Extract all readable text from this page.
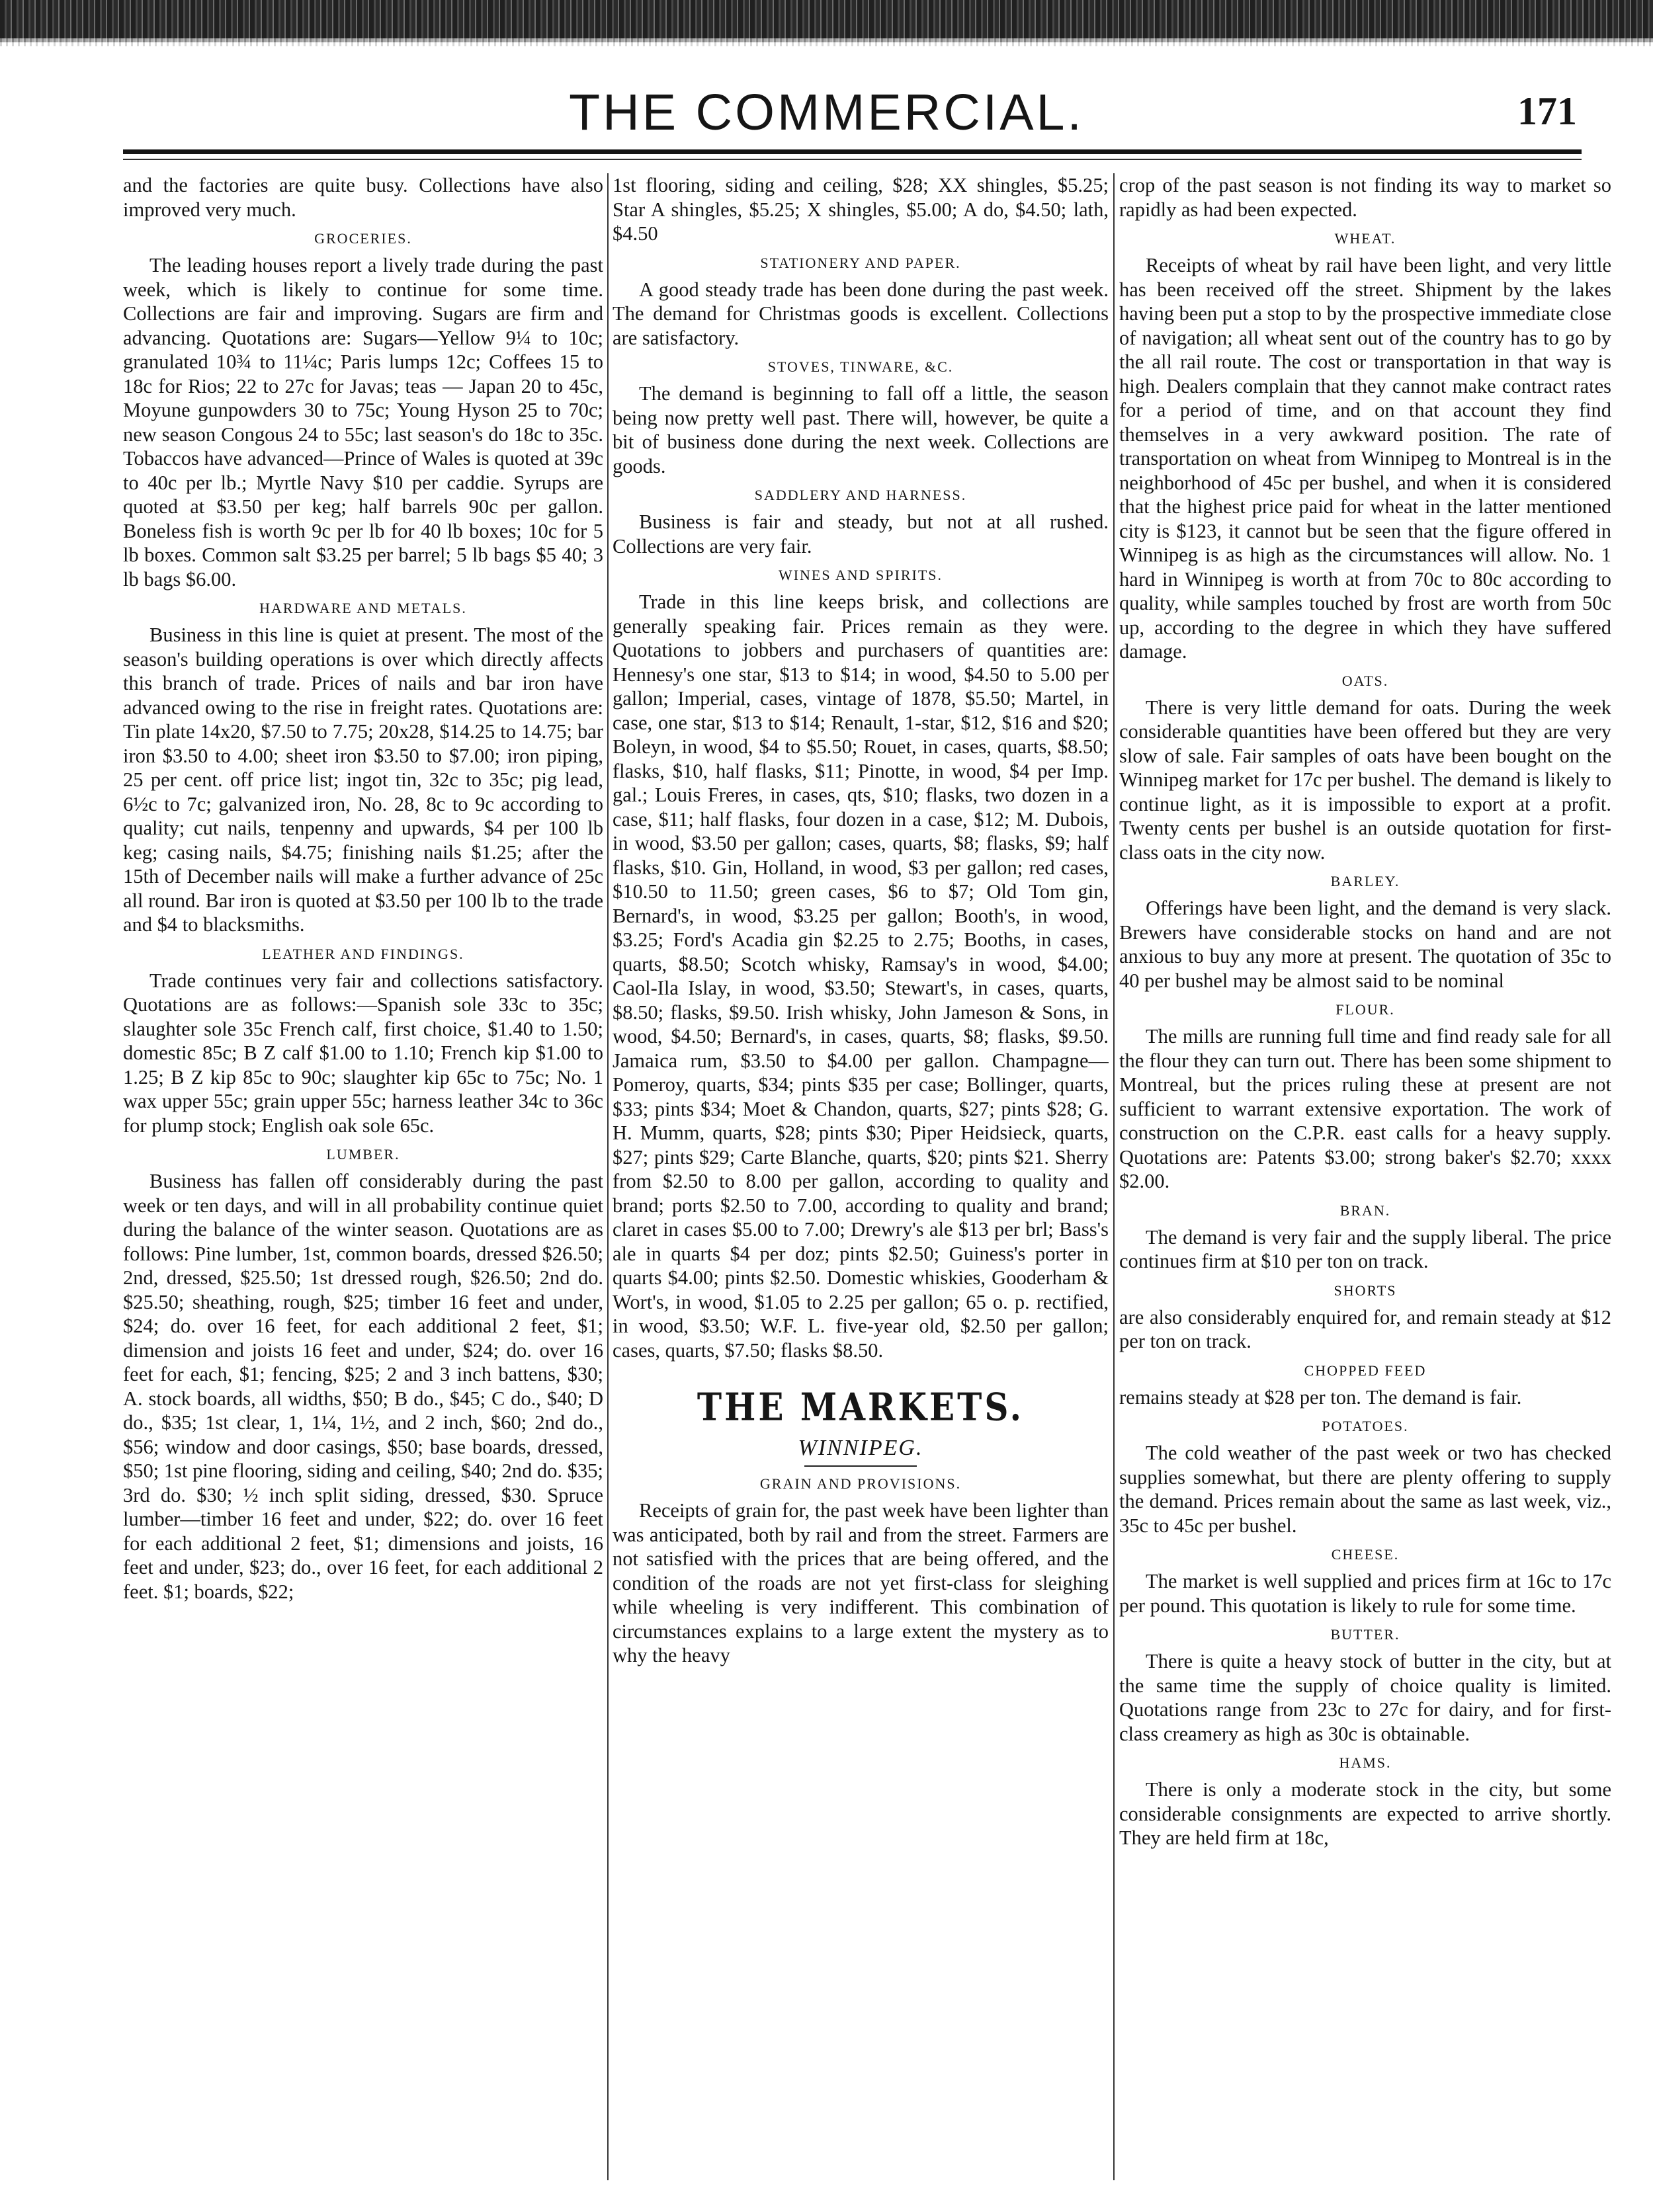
THE COMMERCIAL.	171

and the factories are quite busy. Collections have also improved very much.

GROCERIES.

The leading houses report a lively trade during the past week, which is likely to continue for some time. Collections are fair and improving. Sugars are firm and advancing. Quotations are: Sugars—Yellow 9¼ to 10c; granulated 10¾ to 11¼c; Paris lumps 12c; Coffees 15 to 18c for Rios; 22 to 27c for Javas; teas — Japan 20 to 45c, Moyune gunpowders 30 to 75c; Young Hyson 25 to 70c; new season Congous 24 to 55c; last season's do 18c to 35c. Tobaccos have advanced—Prince of Wales is quoted at 39c to 40c per lb.; Myrtle Navy $10 per caddie. Syrups are quoted at $3.50 per keg; half barrels 90c per gallon. Boneless fish is worth 9c per lb for 40 lb boxes; 10c for 5 lb boxes. Common salt $3.25 per barrel; 5 lb bags $5 40; 3 lb bags $6.00.

HARDWARE AND METALS.

Business in this line is quiet at present. The most of the season's building operations is over which directly affects this branch of trade. Prices of nails and bar iron have advanced owing to the rise in freight rates. Quotations are: Tin plate 14x20, $7.50 to 7.75; 20x28, $14.25 to 14.75; bar iron $3.50 to 4.00; sheet iron $3.50 to $7.00; iron piping, 25 per cent. off price list; ingot tin, 32c to 35c; pig lead, 6½c to 7c; galvanized iron, No. 28, 8c to 9c according to quality; cut nails, tenpenny and upwards, $4 per 100 lb keg; casing nails, $4.75; finishing nails $1.25; after the 15th of December nails will make a further advance of 25c all round. Bar iron is quoted at $3.50 per 100 lb to the trade and $4 to blacksmiths.

LEATHER AND FINDINGS.

Trade continues very fair and collections satisfactory. Quotations are as follows:—Spanish sole 33c to 35c; slaughter sole 35c French calf, first choice, $1.40 to 1.50; domestic 85c; B Z calf $1.00 to 1.10; French kip $1.00 to 1.25; B Z kip 85c to 90c; slaughter kip 65c to 75c; No. 1 wax upper 55c; grain upper 55c; harness leather 34c to 36c for plump stock; English oak sole 65c.

LUMBER.

Business has fallen off considerably during the past week or ten days, and will in all probability continue quiet during the balance of the winter season. Quotations are as follows: Pine lumber, 1st, common boards, dressed $26.50; 2nd, dressed, $25.50; 1st dressed rough, $26.50; 2nd do. $25.50; sheathing, rough, $25; timber 16 feet and under, $24; do. over 16 feet, for each additional 2 feet, $1; dimension and joists 16 feet and under, $24; do. over 16 feet for each, $1; fencing, $25; 2 and 3 inch battens, $30; A. stock boards, all widths, $50; B do., $45; C do., $40; D do., $35; 1st clear, 1, 1¼, 1½, and 2 inch, $60; 2nd do., $56; window and door casings, $50; base boards, dressed, $50; 1st pine flooring, siding and ceiling, $40; 2nd do. $35; 3rd do. $30; ½ inch split siding, dressed, $30. Spruce lumber—timber 16 feet and under, $22; do. over 16 feet for each additional 2 feet, $1; dimensions and joists, 16 feet and under, $23; do., over 16 feet, for each additional 2 feet. $1; boards, $22;

1st flooring, siding and ceiling, $28; XX shingles, $5.25; Star A shingles, $5.25; X shingles, $5.00; A do, $4.50; lath, $4.50

STATIONERY AND PAPER.

A good steady trade has been done during the past week. The demand for Christmas goods is excellent. Collections are satisfactory.

STOVES, TINWARE, &C.

The demand is beginning to fall off a little, the season being now pretty well past. There will, however, be quite a bit of business done during the next week. Collections are goods.

SADDLERY AND HARNESS.

Business is fair and steady, but not at all rushed. Collections are very fair.

WINES AND SPIRITS.

Trade in this line keeps brisk, and collections are generally speaking fair. Prices remain as they were. Quotations to jobbers and purchasers of quantities are: Hennesy's one star, $13 to $14; in wood, $4.50 to 5.00 per gallon; Imperial, cases, vintage of 1878, $5.50; Martel, in case, one star, $13 to $14; Renault, 1-star, $12, $16 and $20; Boleyn, in wood, $4 to $5.50; Rouet, in cases, quarts, $8.50; flasks, $10, half flasks, $11; Pinotte, in wood, $4 per Imp. gal.; Louis Freres, in cases, qts, $10; flasks, two dozen in a case, $11; half flasks, four dozen in a case, $12; M. Dubois, in wood, $3.50 per gallon; cases, quarts, $8; flasks, $9; half flasks, $10. Gin, Holland, in wood, $3 per gallon; red cases, $10.50 to 11.50; green cases, $6 to $7; Old Tom gin, Bernard's, in wood, $3.25 per gallon; Booth's, in wood, $3.25; Ford's Acadia gin $2.25 to 2.75; Booths, in cases, quarts, $8.50; Scotch whisky, Ramsay's in wood, $4.00; Caol-Ila Islay, in wood, $3.50; Stewart's, in cases, quarts, $8.50; flasks, $9.50. Irish whisky, John Jameson & Sons, in wood, $4.50; Bernard's, in cases, quarts, $8; flasks, $9.50. Jamaica rum, $3.50 to $4.00 per gallon. Champagne—Pomeroy, quarts, $34; pints $35 per case; Bollinger, quarts, $33; pints $34; Moet & Chandon, quarts, $27; pints $28; G. H. Mumm, quarts, $28; pints $30; Piper Heidsieck, quarts, $27; pints $29; Carte Blanche, quarts, $20; pints $21. Sherry from $2.50 to 8.00 per gallon, according to quality and brand; ports $2.50 to 7.00, according to quality and brand; claret in cases $5.00 to 7.00; Drewry's ale $13 per brl; Bass's ale in quarts $4 per doz; pints $2.50; Guiness's porter in quarts $4.00; pints $2.50. Domestic whiskies, Gooderham & Wort's, in wood, $1.05 to 2.25 per gallon; 65 o. p. rectified, in wood, $3.50; W.F. L. five-year old, $2.50 per gallon; cases, quarts, $7.50; flasks $8.50.

THE MARKETS.
WINNIPEG.
GRAIN AND PROVISIONS.

Receipts of grain for, the past week have been lighter than was anticipated, both by rail and from the street. Farmers are not satisfied with the prices that are being offered, and the condition of the roads are not yet first-class for sleighing while wheeling is very indifferent. This combination of circumstances explains to a large extent the mystery as to why the heavy

crop of the past season is not finding its way to market so rapidly as had been expected.

WHEAT.

Receipts of wheat by rail have been light, and very little has been received off the street. Shipment by the lakes having been put a stop to by the prospective immediate close of navigation; all wheat sent out of the country has to go by the all rail route. The cost or transportation in that way is high. Dealers complain that they cannot make contract rates for a period of time, and on that account they find themselves in a very awkward position. The rate of transportation on wheat from Winnipeg to Montreal is in the neighborhood of 45c per bushel, and when it is considered that the highest price paid for wheat in the latter mentioned city is $123, it cannot but be seen that the figure offered in Winnipeg is as high as the circumstances will allow. No. 1 hard in Winnipeg is worth at from 70c to 80c according to quality, while samples touched by frost are worth from 50c up, according to the degree in which they have suffered damage.

OATS.

There is very little demand for oats. During the week considerable quantities have been offered but they are very slow of sale. Fair samples of oats have been bought on the Winnipeg market for 17c per bushel. The demand is likely to continue light, as it is impossible to export at a profit. Twenty cents per bushel is an outside quotation for first-class oats in the city now.

BARLEY.

Offerings have been light, and the demand is very slack. Brewers have considerable stocks on hand and are not anxious to buy any more at present. The quotation of 35c to 40 per bushel may be almost said to be nominal

FLOUR.

The mills are running full time and find ready sale for all the flour they can turn out. There has been some shipment to Montreal, but the prices ruling these at present are not sufficient to warrant extensive exportation. The work of construction on the C.P.R. east calls for a heavy supply. Quotations are: Patents $3.00; strong baker's $2.70; xxxx $2.00.

BRAN.

The demand is very fair and the supply liberal. The price continues firm at $10 per ton on track.

SHORTS

are also considerably enquired for, and remain steady at $12 per ton on track.

CHOPPED FEED

remains steady at $28 per ton. The demand is fair.

POTATOES.

The cold weather of the past week or two has checked supplies somewhat, but there are plenty offering to supply the demand. Prices remain about the same as last week, viz., 35c to 45c per bushel.

CHEESE.

The market is well supplied and prices firm at 16c to 17c per pound. This quotation is likely to rule for some time.

BUTTER.

There is quite a heavy stock of butter in the city, but at the same time the supply of choice quality is limited. Quotations range from 23c to 27c for dairy, and for first-class creamery as high as 30c is obtainable.

HAMS.

There is only a moderate stock in the city, but some considerable consignments are expected to arrive shortly. They are held firm at 18c,
